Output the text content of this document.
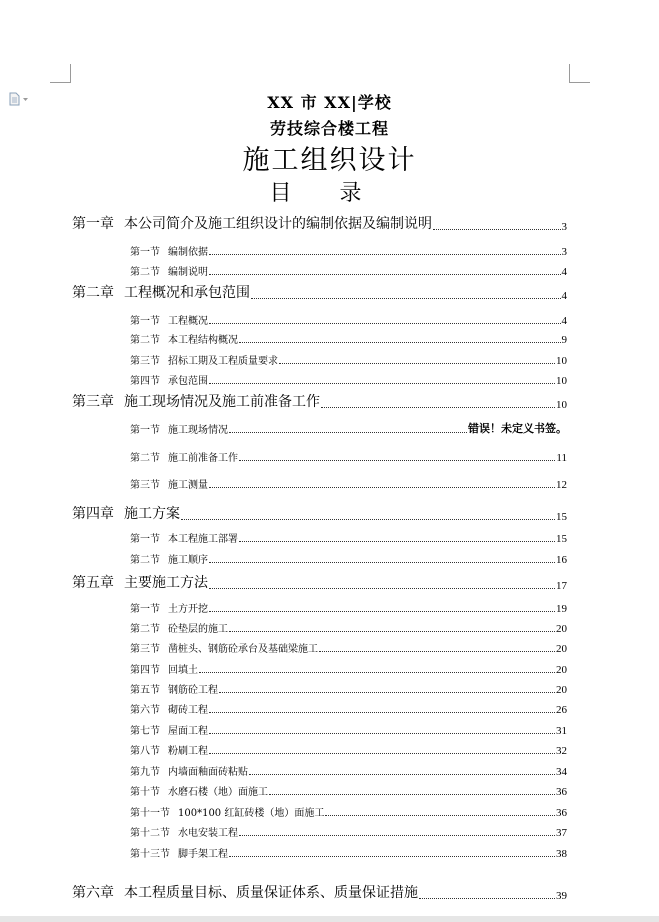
XX 市 XX|学校
劳技综合楼工程
施工组织设计
目录
第一章 本公司简介及施工组织设计的编制依据及编制说明	3
第一节 编制依据	3
第二节 编制说明	4
第二章 工程概况和承包范围	4
第一节 工程概况	4
第二节 本工程结构概况	9
第三节 招标工期及工程质量要求	10
第四节 承包范围	10
第三章 施工现场情况及施工前准备工作	10
第一节 施工现场情况	错误！未定义书签。
第二节 施工前准备工作	11
第三节 施工测量	12
第四章 施工方案	15
第一节 本工程施工部署	15
第二节 施工顺序	16
第五章 主要施工方法	17
第一节 土方开挖	19
第二节 砼垫层的施工	20
第三节 凿桩头、钢筋砼承台及基础梁施工	20
第四节 回填土	20
第五节 钢筋砼工程	20
第六节 砌砖工程	26
第七节 屋面工程	31
第八节 粉刷工程	32
第九节 内墙面釉面砖粘贴	34
第十节 水磨石楼（地）面施工	36
第十一节 100*100 红缸砖楼（地）面施工	36
第十二节 水电安装工程	37
第十三节 脚手架工程	38
第六章 本工程质量目标、质量保证体系、质量保证措施	39
